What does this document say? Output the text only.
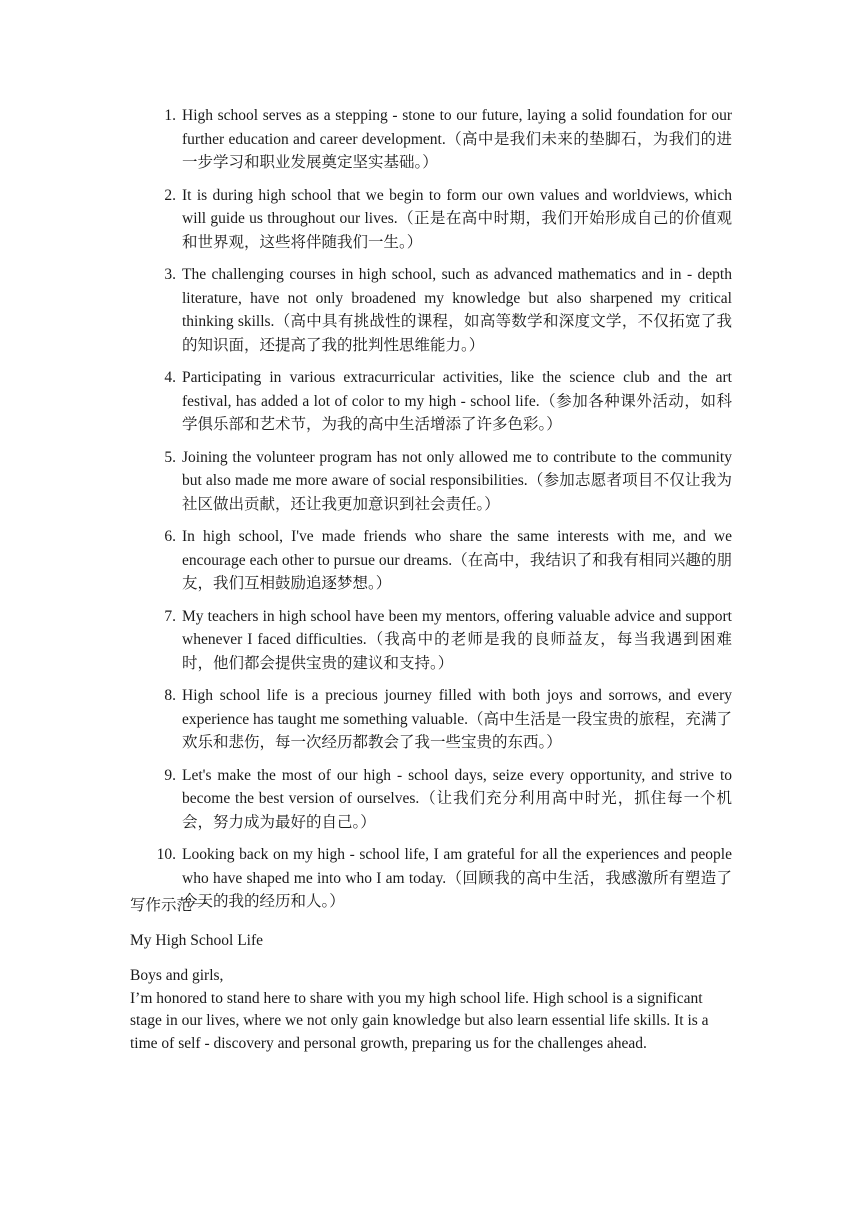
1. High school serves as a stepping - stone to our future, laying a solid foundation for our further education and career development.（高中是我们未来的垫脚石，为我们的进一步学习和职业发展奠定坚实基础。）
2. It is during high school that we begin to form our own values and worldviews, which will guide us throughout our lives.（正是在高中时期，我们开始形成自己的价值观和世界观，这些将伴随我们一生。）
3. The challenging courses in high school, such as advanced mathematics and in - depth literature, have not only broadened my knowledge but also sharpened my critical thinking skills.（高中具有挑战性的课程，如高等数学和深度文学，不仅拓宽了我的知识面，还提高了我的批判性思维能力。）
4. Participating in various extracurricular activities, like the science club and the art festival, has added a lot of color to my high - school life.（参加各种课外活动，如科学俱乐部和艺术节，为我的高中生活增添了许多色彩。）
5. Joining the volunteer program has not only allowed me to contribute to the community but also made me more aware of social responsibilities.（参加志愿者项目不仅让我为社区做出贡献，还让我更加意识到社会责任。）
6. In high school, I've made friends who share the same interests with me, and we encourage each other to pursue our dreams.（在高中，我结识了和我有相同兴趣的朋友，我们互相鼓励追逐梦想。）
7. My teachers in high school have been my mentors, offering valuable advice and support whenever I faced difficulties.（我高中的老师是我的良师益友，每当我遇到困难时，他们都会提供宝贵的建议和支持。）
8. High school life is a precious journey filled with both joys and sorrows, and every experience has taught me something valuable.（高中生活是一段宝贵的旅程，充满了欢乐和悲伤，每一次经历都教会了我一些宝贵的东西。）
9. Let's make the most of our high - school days, seize every opportunity, and strive to become the best version of ourselves.（让我们充分利用高中时光，抓住每一个机会，努力成为最好的自己。）
10. Looking back on my high - school life, I am grateful for all the experiences and people who have shaped me into who I am today.（回顾我的高中生活，我感激所有塑造了今天的我的经历和人。）
写作示范一
My High School Life

Boys and girls,

I’m honored to stand here to share with you my high school life. High school is a significant stage in our lives, where we not only gain knowledge but also learn essential life skills. It is a time of self - discovery and personal growth, preparing us for the challenges ahead.
